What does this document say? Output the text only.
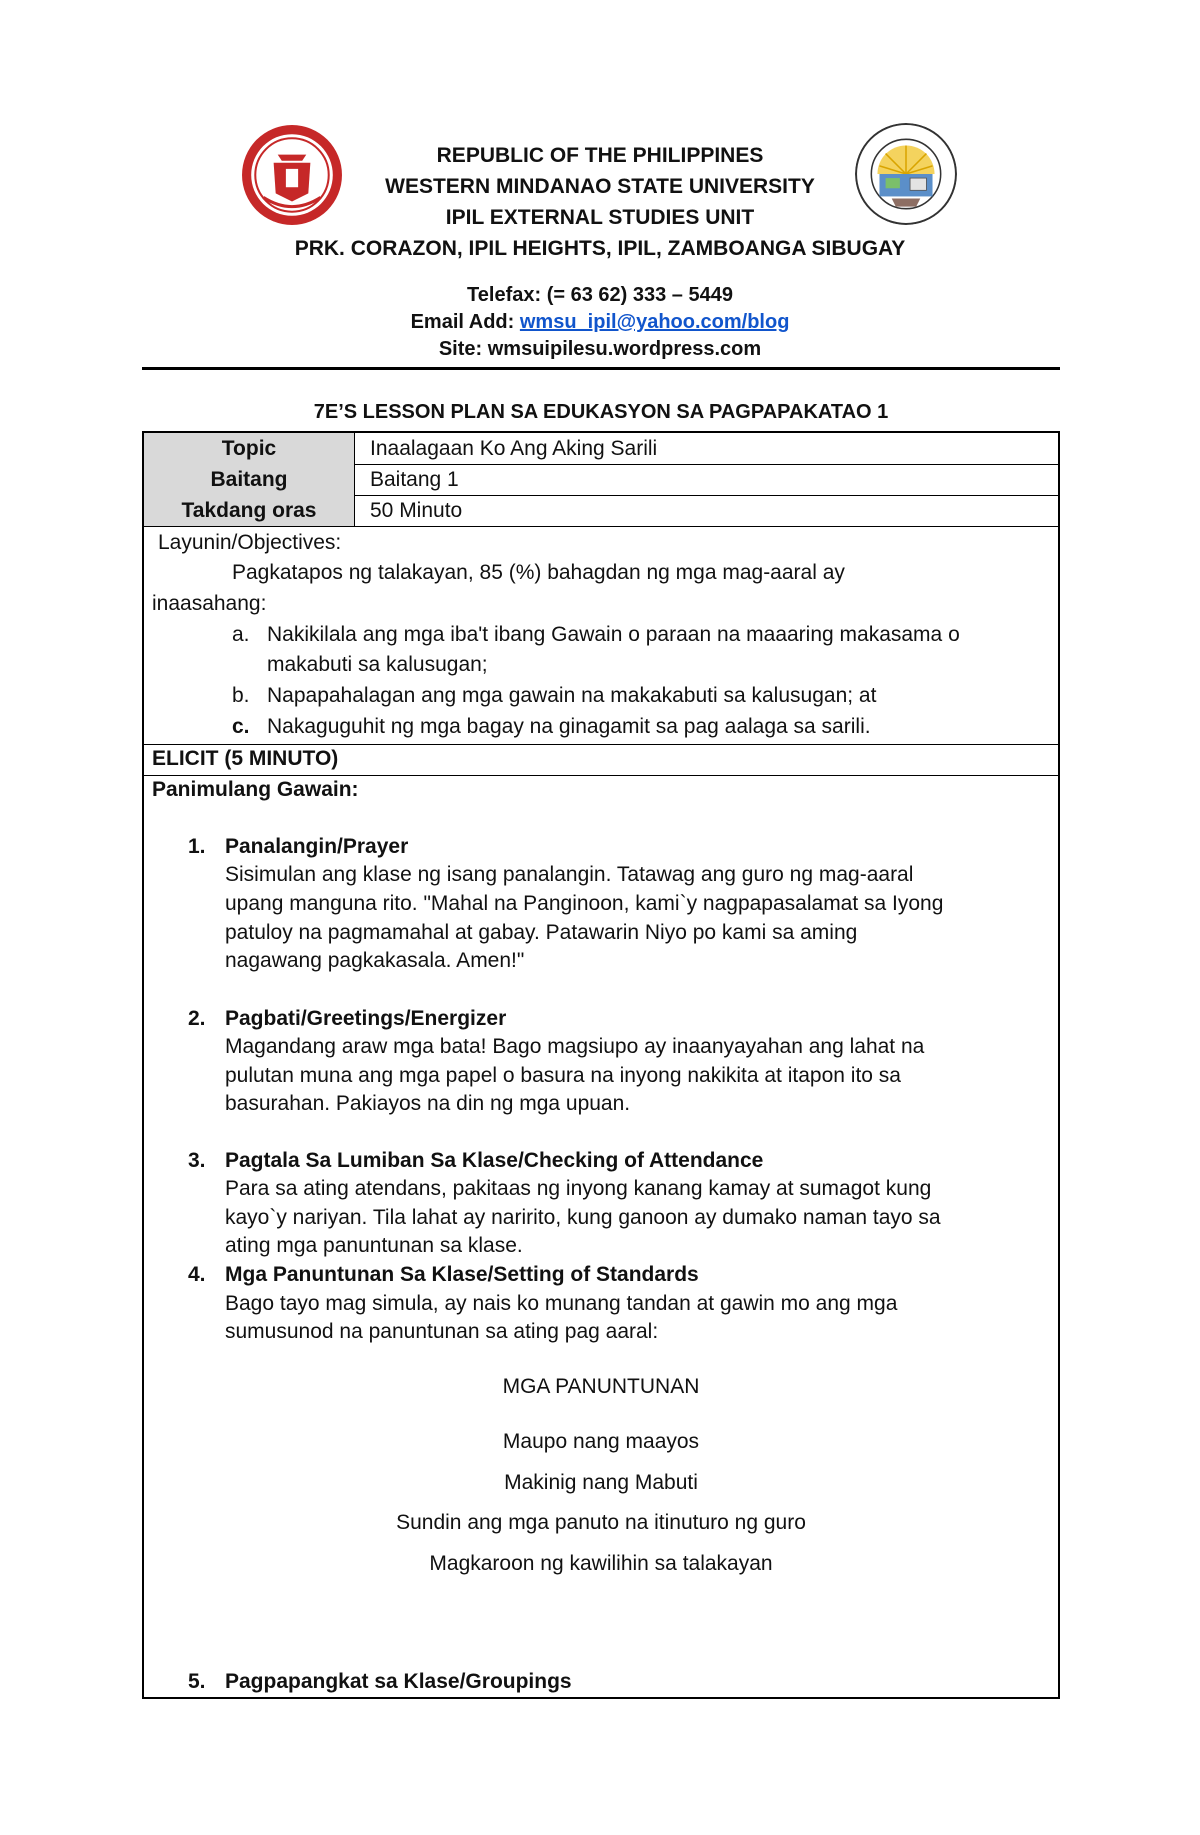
REPUBLIC OF THE PHILIPPINES
WESTERN MINDANAO STATE UNIVERSITY
IPIL EXTERNAL STUDIES UNIT
PRK. CORAZON, IPIL HEIGHTS, IPIL, ZAMBOANGA SIBUGAY
Telefax: (= 63 62) 333 – 5449
Email Add: wmsu_ipil@yahoo.com/blog
Site: wmsuipilesu.wordpress.com
7E’S LESSON PLAN SA EDUKASYON SA PAGPAPAKATAO 1
Topic	Inaalagaan Ko Ang Aking Sarili
Baitang	Baitang 1
Takdang oras	50 Minuto
Layunin/Objectives:
Pagkatapos ng talakayan, 85 (%) bahagdan ng mga mag-aaral ay
inaasahang:
a. Nakikilala ang mga iba't ibang Gawain o paraan na maaaring makasama o
makabuti sa kalusugan;
b. Napapahalagan ang mga gawain na makakabuti sa kalusugan; at
c. Nakaguguhit ng mga bagay na ginagamit sa pag aalaga sa sarili.
ELICIT (5 MINUTO)
Panimulang Gawain:
1. Panalangin/Prayer
Sisimulan ang klase ng isang panalangin. Tatawag ang guro ng mag-aaral
upang manguna rito. "Mahal na Panginoon, kami`y nagpapasalamat sa Iyong
patuloy na pagmamahal at gabay. Patawarin Niyo po kami sa aming
nagawang pagkakasala. Amen!"
2. Pagbati/Greetings/Energizer
Magandang araw mga bata! Bago magsiupo ay inaanyayahan ang lahat na
pulutan muna ang mga papel o basura na inyong nakikita at itapon ito sa
basurahan. Pakiayos na din ng mga upuan.
3. Pagtala Sa Lumiban Sa Klase/Checking of Attendance
Para sa ating atendans, pakitaas ng inyong kanang kamay at sumagot kung
kayo`y nariyan. Tila lahat ay naririto, kung ganoon ay dumako naman tayo sa
ating mga panuntunan sa klase.
4. Mga Panuntunan Sa Klase/Setting of Standards
Bago tayo mag simula, ay nais ko munang tandan at gawin mo ang mga
sumusunod na panuntunan sa ating pag aaral:
MGA PANUNTUNAN
Maupo nang maayos
Makinig nang Mabuti
Sundin ang mga panuto na itinuturo ng guro
Magkaroon ng kawilihin sa talakayan
5. Pagpapangkat sa Klase/Groupings
